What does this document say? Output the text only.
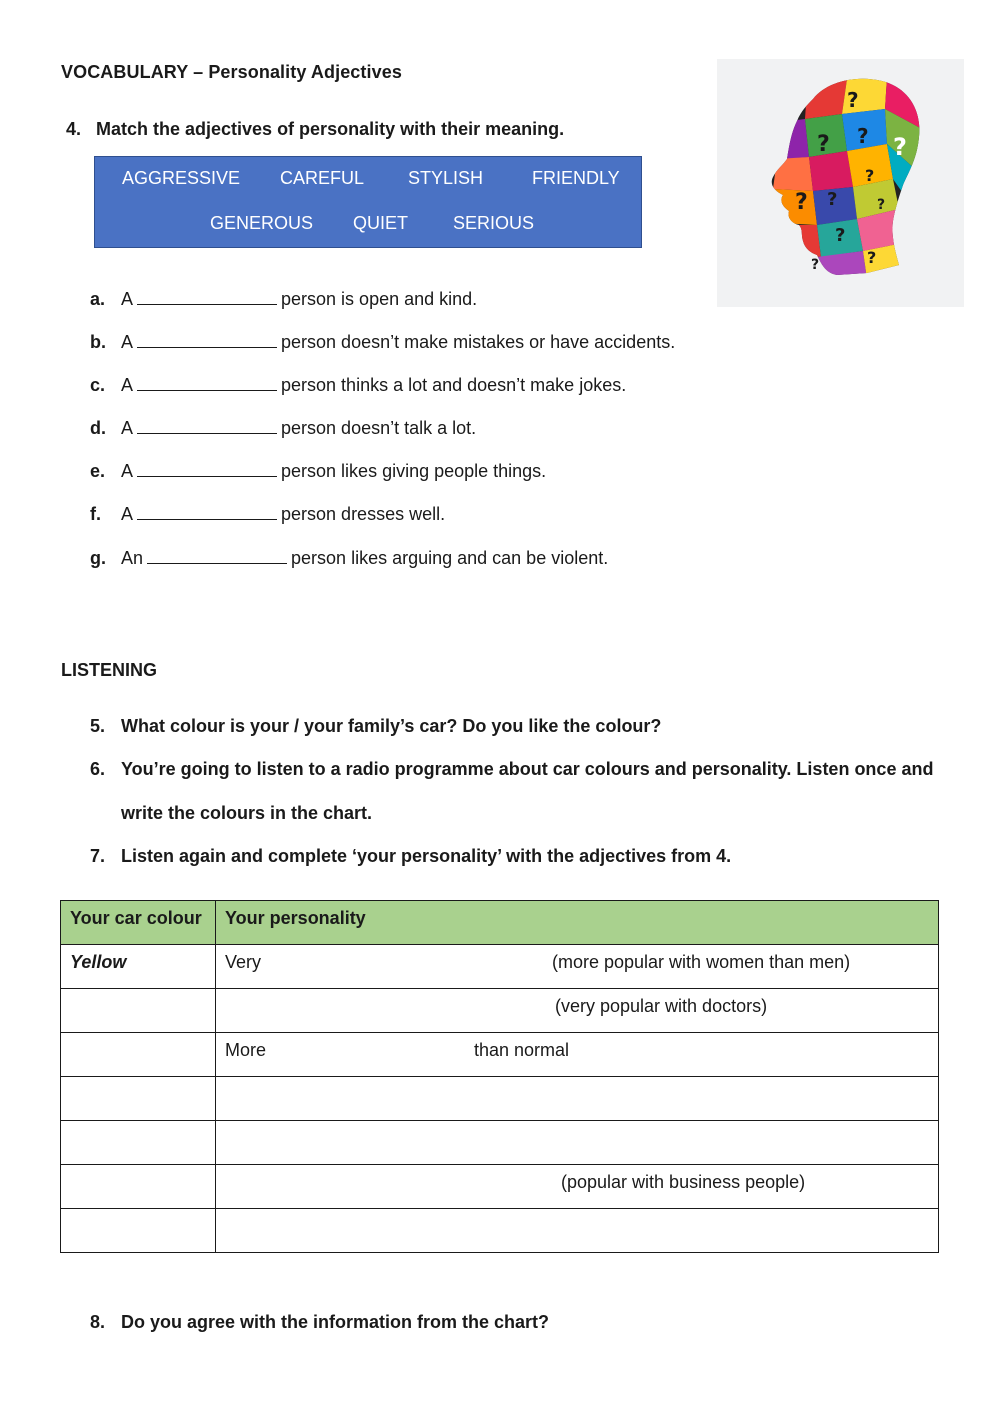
VOCABULARY – Personality Adjectives
4. Match the adjectives of personality with their meaning.
AGGRESSIVE CAREFUL STYLISH	FRIENDLY
GENEROUS QUIET SERIOUS
?
? ? ?
? ?
?
?
?
?
?
a. A	person is open and kind.
b. A	person doesn’t make mistakes or have accidents.
c. A	person thinks a lot and doesn’t make jokes.
d. A	person doesn’t talk a lot.
e. A	person likes giving people things.
f. A	person dresses well.
g. An	person likes arguing and can be violent.
LISTENING
5. What colour is your / your family’s car? Do you like the colour?
6. You’re going to listen to a radio programme about car colours and personality. Listen once and
write the colours in the chart.
7. Listen again and complete ‘your personality’ with the adjectives from 4.
Your car colour	Your personality

Yellow	Very (more popular with women than men)

	(very popular with doctors)

	More than normal

	(popular with business people)

8. Do you agree with the information from the chart?
